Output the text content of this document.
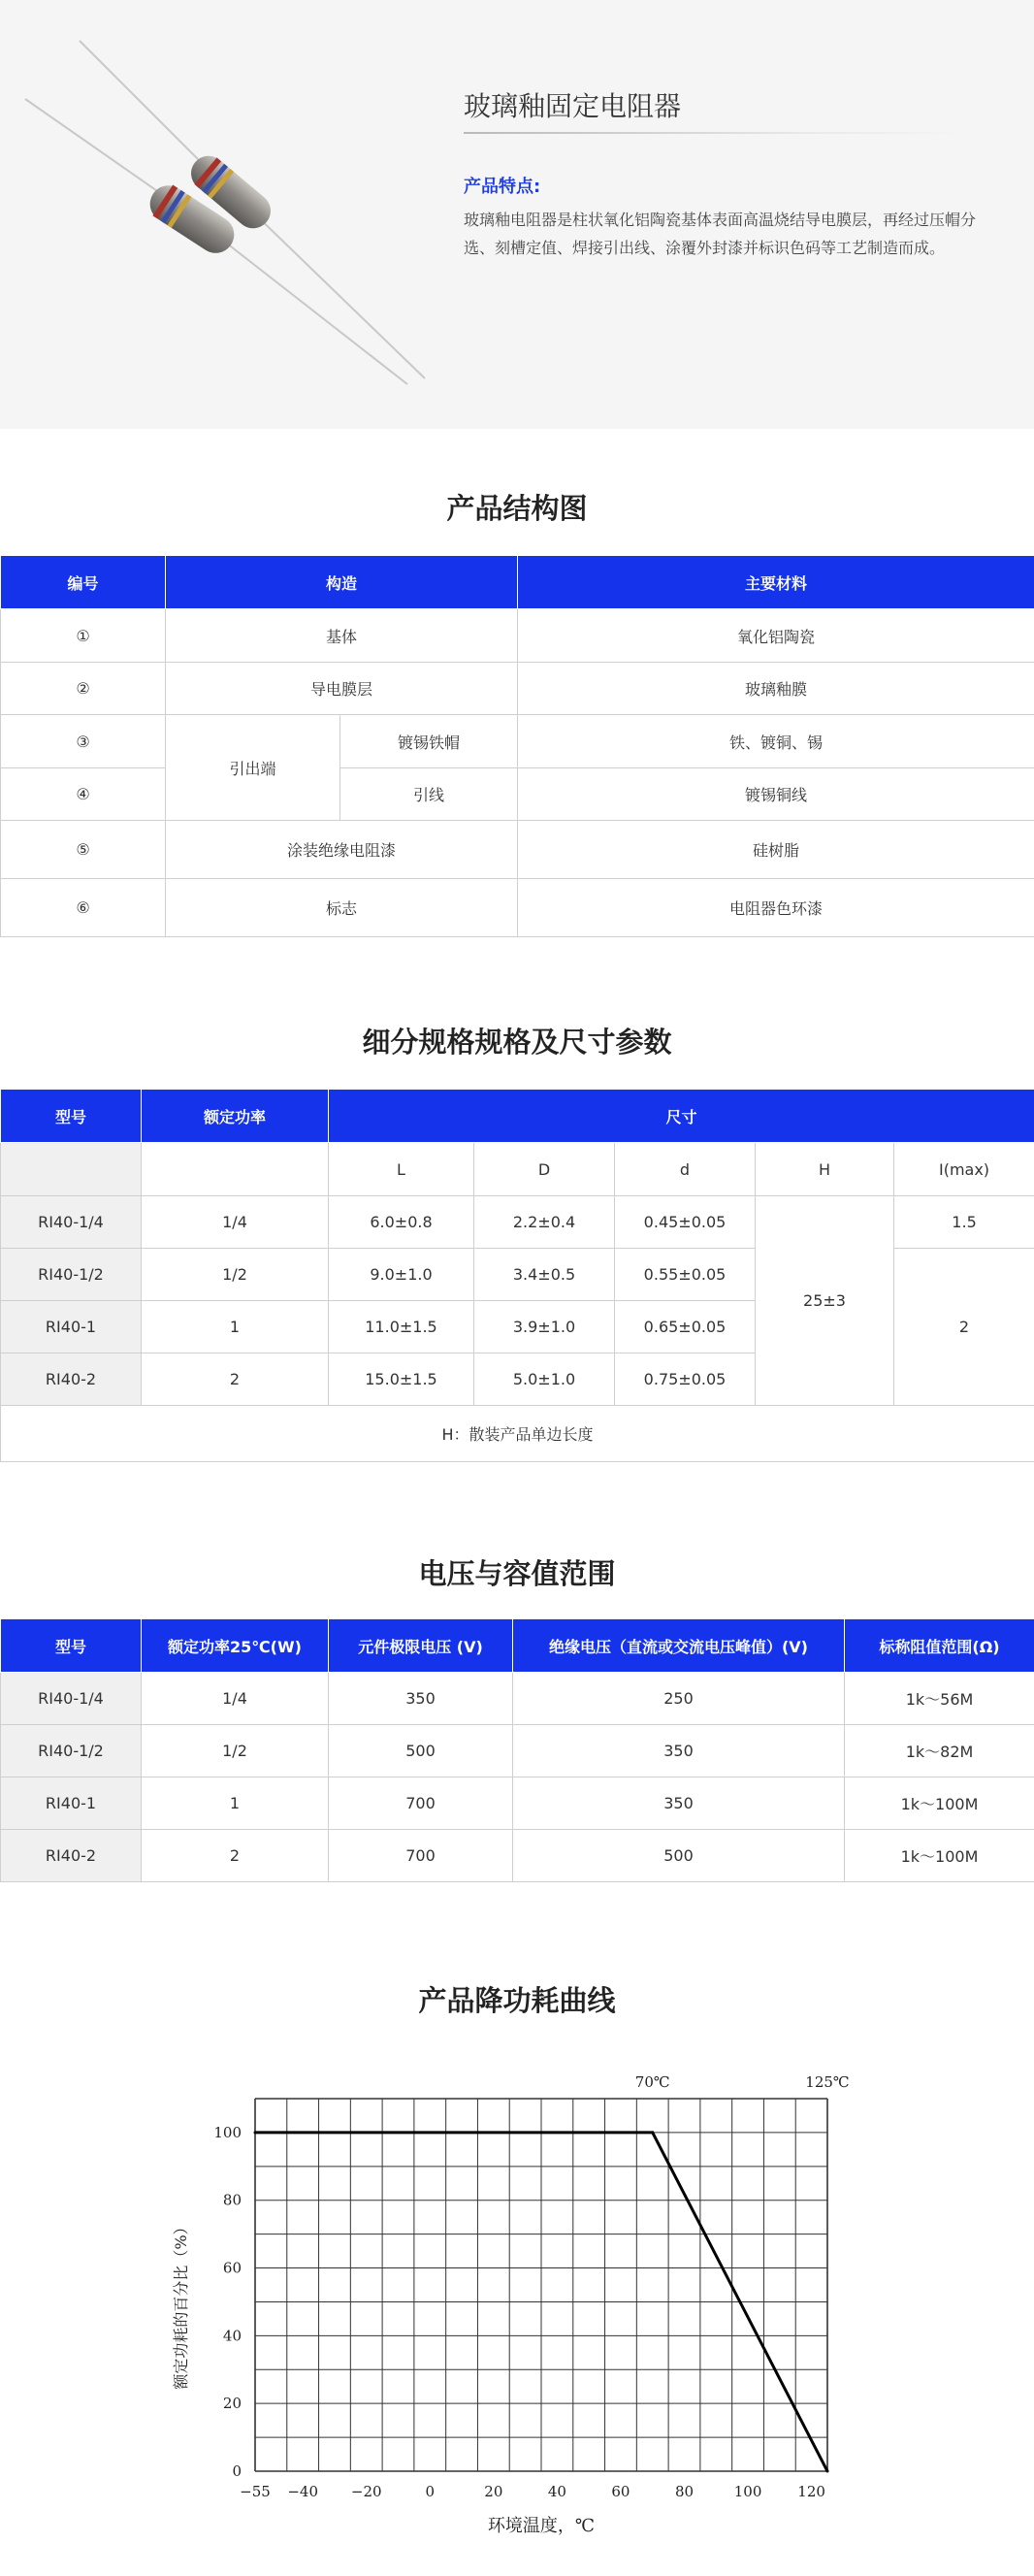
玻璃釉固定电阻器
产品特点:
玻璃釉电阻器是柱状氧化铝陶瓷基体表面高温烧结导电膜层，再经过压帽分选、刻槽定值、焊接引出线、涂覆外封漆并标识色码等工艺制造而成。
产品结构图
编号	构造		主要材料
①	基体		氧化铝陶瓷
②	导电膜层		玻璃釉膜
③	引出端	镀锡铁帽	铁、镀铜、锡
④		引线	镀锡铜线
⑤	涂装绝缘电阻漆		硅树脂
⑥	标志		电阻器色环漆
细分规格规格及尺寸参数
型号	额定功率	尺寸				
		L	D	d	H	I(max)
RI40-1/4	1/4	6.0±0.8	2.2±0.4	0.45±0.05	25±3	1.5
RI40-1/2	1/2	9.0±1.0	3.4±0.5	0.55±0.05		2
RI40-1	1	11.0±1.5	3.9±1.0	0.65±0.05		
RI40-2	2	15.0±1.5	5.0±1.0	0.75±0.05		
H：散装产品单边长度						
电压与容值范围
型号	额定功率25℃(W)	元件极限电压 (V)	绝缘电压（直流或交流电压峰值）(V)	标称阻值范围(Ω)
RI40-1/4	1/4	350	250	1k～56M
RI40-1/2	1/2	500	350	1k～82M
RI40-1	1	700	350	1k～100M
RI40-2	2	700	500	1k～100M
产品降功耗曲线
0
20
40
60
80
100
−55 −40 −20	0	20	40	60	80	100 120
70℃	125℃
环境温度，℃
额定功耗的百分比（%）
